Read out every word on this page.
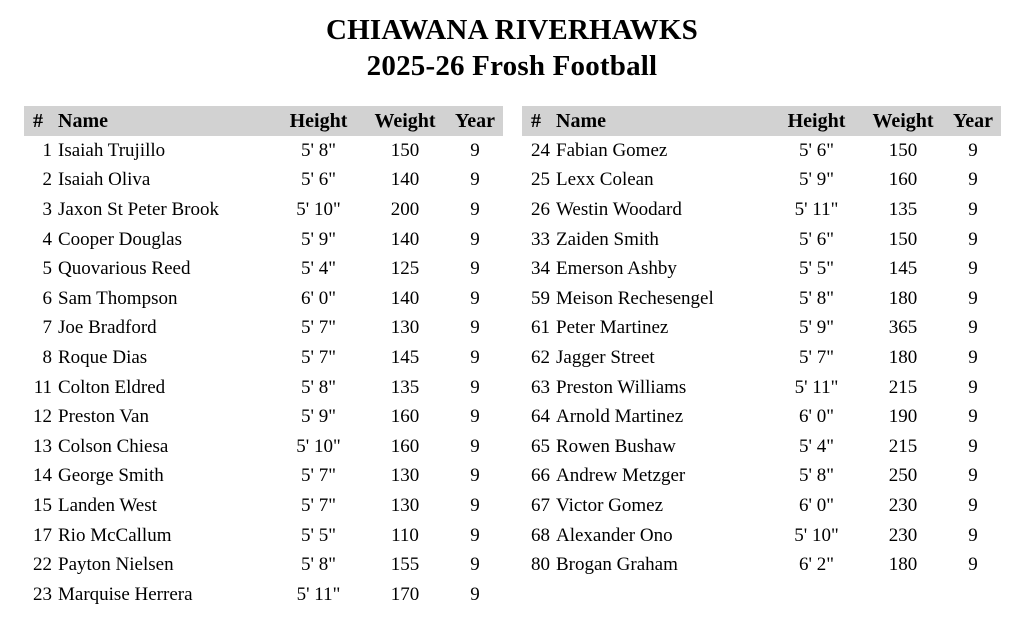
CHIAWANA RIVERHAWKS
2025-26 Frosh Football
#	Name	Height	Weight	Year
1	Isaiah Trujillo	5' 8"	150	9
2	Isaiah Oliva	5' 6"	140	9
3	Jaxon St Peter Brook	5' 10"	200	9
4	Cooper Douglas	5' 9"	140	9
5	Quovarious Reed	5' 4"	125	9
6	Sam Thompson	6' 0"	140	9
7	Joe Bradford	5' 7"	130	9
8	Roque Dias	5' 7"	145	9
11	Colton Eldred	5' 8"	135	9
12	Preston Van	5' 9"	160	9
13	Colson Chiesa	5' 10"	160	9
14	George Smith	5' 7"	130	9
15	Landen West	5' 7"	130	9
17	Rio McCallum	5' 5"	110	9
22	Payton Nielsen	5' 8"	155	9
23	Marquise Herrera	5' 11"	170	9
#	Name	Height	Weight	Year
24	Fabian Gomez	5' 6"	150	9
25	Lexx Colean	5' 9"	160	9
26	Westin Woodard	5' 11"	135	9
33	Zaiden Smith	5' 6"	150	9
34	Emerson Ashby	5' 5"	145	9
59	Meison Rechesengel	5' 8"	180	9
61	Peter Martinez	5' 9"	365	9
62	Jagger Street	5' 7"	180	9
63	Preston Williams	5' 11"	215	9
64	Arnold Martinez	6' 0"	190	9
65	Rowen Bushaw	5' 4"	215	9
66	Andrew Metzger	5' 8"	250	9
67	Victor Gomez	6' 0"	230	9
68	Alexander Ono	5' 10"	230	9
80	Brogan Graham	6' 2"	180	9
